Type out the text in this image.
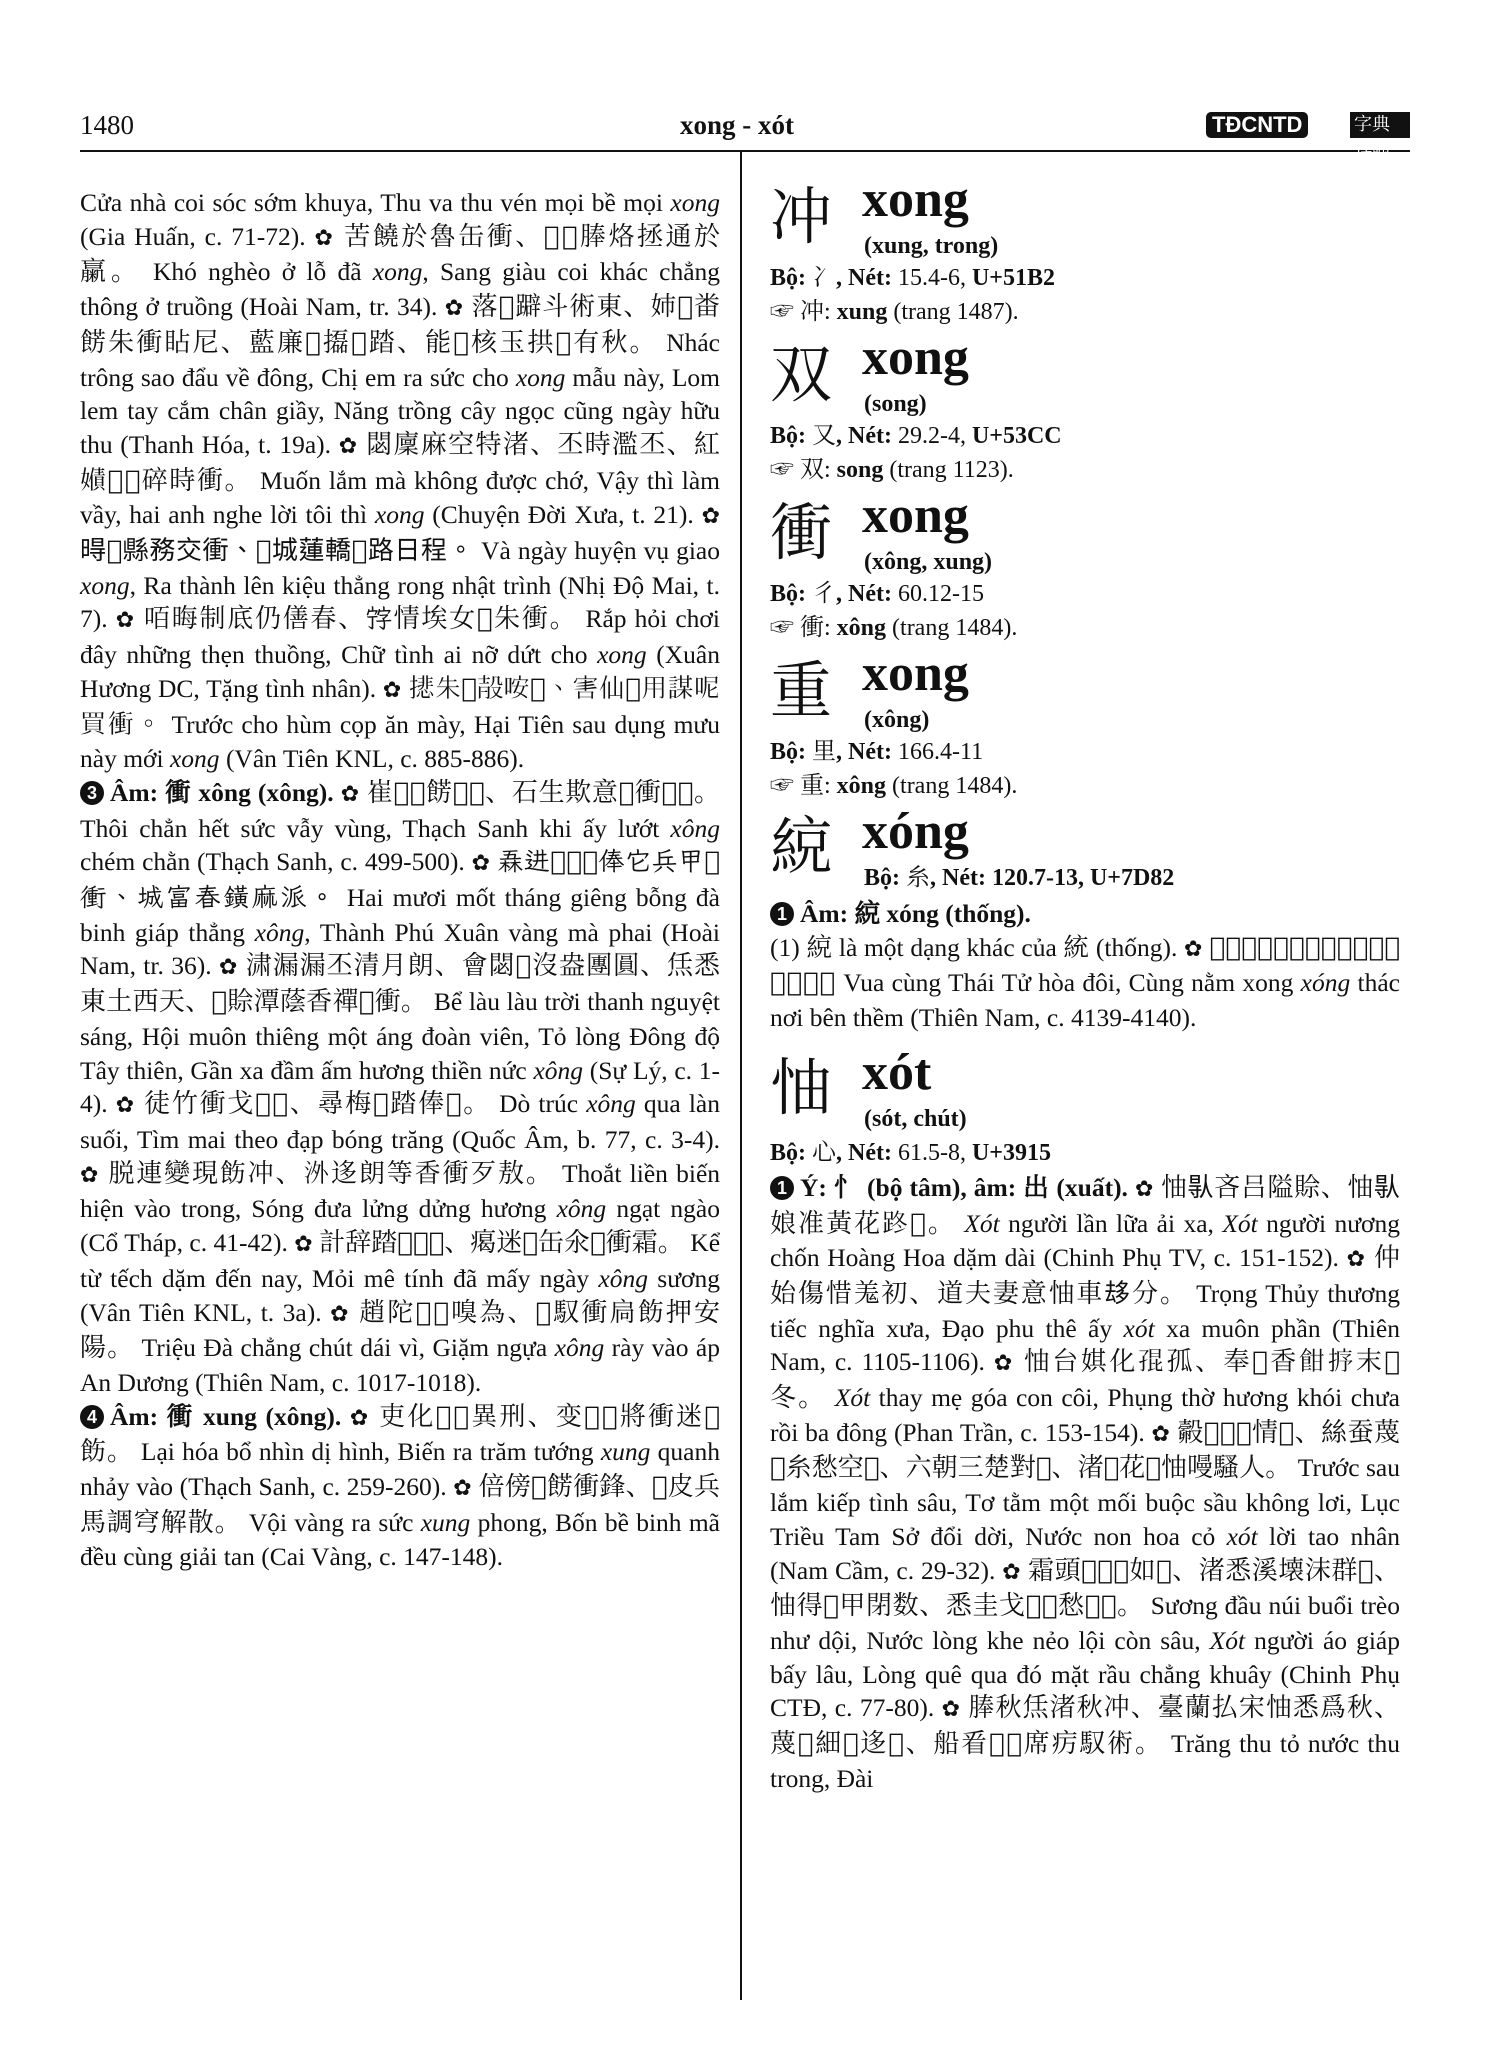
1480	xong - xót	TĐCNTD	字典𡨸喃擇引

Cửa nhà coi sóc sớm khuya, Thu va thu vén mọi bề mọi xong (Gia Huấn, c. 71-72). ✿ 苦饒於魯缶衝、𦝄𡖡䏾烙拯通於䊨。 Khó nghèo ở lỗ đã xong, Sang giàu coi khác chẳng thông ở truồng (Hoài Nam, tr. 34). ✿ 落𨁪躃斗術東、姉𡛔畨餝朱衝䀡尼、藍廉𢭂㩡𡳪踏、能𦻳核玉拱𣇞有秋。 Nhác trông sao đẩu về đông, Chị em ra sức cho xong mẫu này, Lom lem tay cắm chân giầy, Năng trồng cây ngọc cũng ngày hữu thu (Thanh Hóa, t. 19a). ✿ 閟廩麻空特渚、丕時濫丕、紅𡢻𤴬𠬠碎時衝。 Muốn lắm mà không được chớ, Vậy thì làm vầy, hai anh nghe lời tôi thì xong (Chuyện Đời Xưa, t. 21). ✿ 𣈜𣈙縣務交衝、𦋦城蓮轎𨀈路日程。 Và ngày huyện vụ giao xong, Ra thành lên kiệu thẳng rong nhật trình (Nhị Độ Mai, t. 7). ✿ 咟晦制底仍僐春、𡨸情埃女𦆹朱衝。 Rắp hỏi chơi đây những thẹn thuồng, Chữ tình ai nỡ dứt cho xong (Xuân Hương DC, Tặng tình nhân). ✿ 𢴾朱𩛖㱿咹𠿯、害仙𧶮用謀呢買衝。 Trước cho hùm cọp ăn mày, Hại Tiên sau dụng mưu này mới xong (Vân Tiên KNL, c. 885-886).

3 Âm: 衝 xông (xông). ✿ 崔𤞺𢼂餝𦞐𨆢、石生欺意𣳔衝𨫊𤞺。 Thôi chẳn hết sức vẫy vùng, Thạch Sanh khi ấy lướt xông chém chằn (Thạch Sanh, c. 499-500). ✿ 𠄻进𣎃𦝄𦛿俸它兵甲𠼲衝、城富春鐄麻派。 Hai mươi mốt tháng giêng bỗng đà binh giáp thẳng xông, Thành Phú Xuân vàng mà phai (Hoài Nam, tr. 36). ✿ 㴋漏漏丕清月朗、會閟𢽼沒盎團圓、㶵悉東土西天、𣢾賒潭蔭香禪𠺺衝。 Bể làu làu trời thanh nguyệt sáng, Hội muôn thiêng một áng đoàn viên, Tỏ lòng Đông độ Tây thiên, Gần xa đầm ấm hương thiền nức xông (Sự Lý, c. 1-4). ✿ 徒竹衝戈𤃠𣸠、尋梅𨇉踏俸𡢐。 Dò trúc xông qua làn suối, Tìm mai theo đạp bóng trăng (Quốc Âm, b. 77, c. 3-4). ✿ 脱連變現飭冲、𣳢迻朗等香衝歹敖。 Thoắt liền biến hiện vào trong, Sóng đưa lửng dửng hương xông ngạt ngào (Cổ Tháp, c. 41-42). ✿ 計辞踏𡓇𨃍𨁪、𤸎迷𠀲缶氽𣇞衝霜。 Kể từ tếch dặm đến nay, Mỏi mê tính đã mấy ngày xông sương (Vân Tiên KNL, t. 3a). ✿ 趙陀𢬣𢭸嗅為、𨁪馭衝扃飭押安陽。 Triệu Đà chẳng chút dái vì, Giặm ngựa xông rày vào áp An Dương (Thiên Nam, c. 1017-1018).

4 Âm: 衝 xung (xông). ✿ 吏化𠻀𥚄異刑、变𠺥𣖢將衝迷𨀈飭。 Lại hóa bổ nhìn dị hình, Biến ra trăm tướng xung quanh nhảy vào (Thạch Sanh, c. 259-260). ✿ 倍傍𪝈餝衝鋒、𣘃皮兵馬調穹解散。 Vội vàng ra sức xung phong, Bốn bề binh mã đều cùng giải tan (Cai Vàng, c. 147-148).

冲 xong
(xung, trong)
Bộ: 冫, Nét: 15.4-6, U+51B2
☞ 冲: xung (trang 1487).
双 xong
(song)
Bộ: 又, Nét: 29.2-4, U+53CC
☞ 双: song (trang 1123).
衝 xong
(xông, xung)
Bộ: 彳, Nét: 60.12-15
☞ 衝: xông (trang 1484).
重 xong
(xông)
Bộ: 里, Nét: 166.4-11
☞ 重: xông (trang 1484).
綂 xóng
Bộ: 糸, Nét: 120.7-13, U+7D82

1 Âm: 綂 xóng (thống).
(1) 綂 là một dạng khác của 統 (thống). ✿ 𢬦共太子和堆、共𦨭衝綂托尼边墻。 Vua cùng Thái Tử hòa đôi, Cùng nằm xong xóng thác nơi bên thềm (Thiên Nam, c. 4139-4140).

怞 xót
(sót, chút)
Bộ: 心, Nét: 61.5-8, U+3915

1 Ý: 忄 (bộ tâm), âm: 出 (xuất). ✿ 怞𠊛吝吕隘賒、怞𠊛娘准黃花𨀐𨄹。 Xót người lần lữa ải xa, Xót người nương chốn Hoàng Hoa dặm dài (Chinh Phụ TV, c. 151-152). ✿ 仲始傷惜羗初、道夫妻意怞車𠫾分。 Trọng Thủy thương tiếc nghĩa xưa, Đạo phu thê ấy xót xa muôn phần (Thiên Nam, c. 1105-1106). ✿ 怞台娸化𡥵孤、奉𩈘香𩚵𢭸末𠀧冬。 Xót thay mẹ góa con côi, Phụng thờ hương khói chưa rồi ba đông (Phan Trần, c. 153-154). ✿ 㲉𩯀𢥈𢭂情𣳮、絲蚕蔑𦀺糸愁空𦀴、六朝三楚對𢬣、渚𡅧花𦝄怞𠼦騷人。 Trước sau lắm kiếp tình sâu, Tơ tằm một mối buộc sầu không lơi, Lục Triều Tam Sở đổi dời, Nước non hoa cỏ xót lời tao nhân (Nam Cầm, c. 29-32). ✿ 霜頭𡶀𥆾𨆢如𣸸、渚悉溪壊沫群𣳮、怞得𧞾甲閉数、悉圭戈𡛔𣑎愁𢭂𢠩。 Sương đầu núi buổi trèo như dội, Nước lòng khe nẻo lội còn sâu, Xót người áo giáp bấy lâu, Lòng quê qua đó mặt rầu chẳng khuây (Chinh Phụ CTĐ, c. 77-80). ✿ 䏾秋㶵渚秋冲、臺蘭払宋怞悉爲秋、蔑𥕄細𡎝迻𩠘、船㸔𤈜𤌋席疠馭術。 Trăng thu tỏ nước thu trong, Đài
